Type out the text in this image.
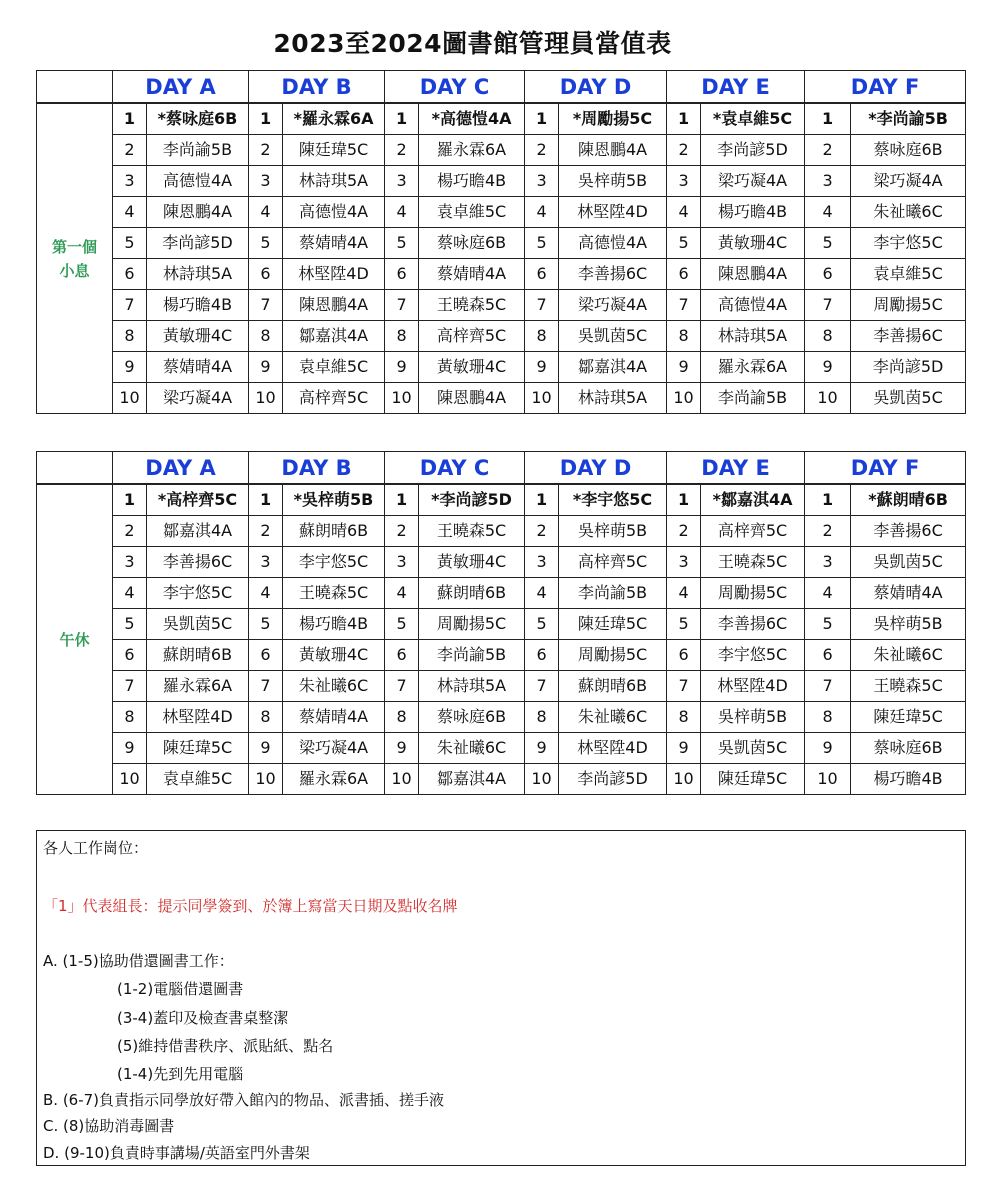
2023至2024圖書館管理員當值表
	DAY A		DAY B		DAY C		DAY D		DAY E		DAY F	
第一個
小息	1	*蔡咏庭6B	1	*羅永霖6A	1	*高德愷4A	1	*周勵揚5C	1	*袁卓維5C	1	*李尚諭5B
	2	李尚諭5B	2	陳廷瑋5C	2	羅永霖6A	2	陳恩鵬4A	2	李尚諺5D	2	蔡咏庭6B
	3	高德愷4A	3	林詩琪5A	3	楊巧瞻4B	3	吳梓萌5B	3	梁巧凝4A	3	梁巧凝4A
	4	陳恩鵬4A	4	高德愷4A	4	袁卓維5C	4	林堅陞4D	4	楊巧瞻4B	4	朱祉曦6C
	5	李尚諺5D	5	蔡婧晴4A	5	蔡咏庭6B	5	高德愷4A	5	黃敏珊4C	5	李宇悠5C
	6	林詩琪5A	6	林堅陞4D	6	蔡婧晴4A	6	李善揚6C	6	陳恩鵬4A	6	袁卓維5C
	7	楊巧瞻4B	7	陳恩鵬4A	7	王曉森5C	7	梁巧凝4A	7	高德愷4A	7	周勵揚5C
	8	黃敏珊4C	8	鄒嘉淇4A	8	高梓齊5C	8	吳凱茵5C	8	林詩琪5A	8	李善揚6C
	9	蔡婧晴4A	9	袁卓維5C	9	黃敏珊4C	9	鄒嘉淇4A	9	羅永霖6A	9	李尚諺5D
	10	梁巧凝4A	10	高梓齊5C	10	陳恩鵬4A	10	林詩琪5A	10	李尚諭5B	10	吳凱茵5C
	DAY A		DAY B		DAY C		DAY D		DAY E		DAY F	
午休	1	*高梓齊5C	1	*吳梓萌5B	1	*李尚諺5D	1	*李宇悠5C	1	*鄒嘉淇4A	1	*蘇朗晴6B
	2	鄒嘉淇4A	2	蘇朗晴6B	2	王曉森5C	2	吳梓萌5B	2	高梓齊5C	2	李善揚6C
	3	李善揚6C	3	李宇悠5C	3	黃敏珊4C	3	高梓齊5C	3	王曉森5C	3	吳凱茵5C
	4	李宇悠5C	4	王曉森5C	4	蘇朗晴6B	4	李尚諭5B	4	周勵揚5C	4	蔡婧晴4A
	5	吳凱茵5C	5	楊巧瞻4B	5	周勵揚5C	5	陳廷瑋5C	5	李善揚6C	5	吳梓萌5B
	6	蘇朗晴6B	6	黃敏珊4C	6	李尚諭5B	6	周勵揚5C	6	李宇悠5C	6	朱祉曦6C
	7	羅永霖6A	7	朱祉曦6C	7	林詩琪5A	7	蘇朗晴6B	7	林堅陞4D	7	王曉森5C
	8	林堅陞4D	8	蔡婧晴4A	8	蔡咏庭6B	8	朱祉曦6C	8	吳梓萌5B	8	陳廷瑋5C
	9	陳廷瑋5C	9	梁巧凝4A	9	朱祉曦6C	9	林堅陞4D	9	吳凱茵5C	9	蔡咏庭6B
	10	袁卓維5C	10	羅永霖6A	10	鄒嘉淇4A	10	李尚諺5D	10	陳廷瑋5C	10	楊巧瞻4B
各人工作崗位：
「1」代表組長：提示同學簽到、於簿上寫當天日期及點收名牌
A. (1-5)協助借還圖書工作：
(1-2)電腦借還圖書
(3-4)蓋印及檢查書桌整潔
(5)維持借書秩序、派貼紙、點名
(1-4)先到先用電腦
B. (6-7)負責指示同學放好帶入館內的物品、派書插、搓手液
C. (8)協助消毒圖書
D. (9-10)負責時事講場/英語室門外書架
